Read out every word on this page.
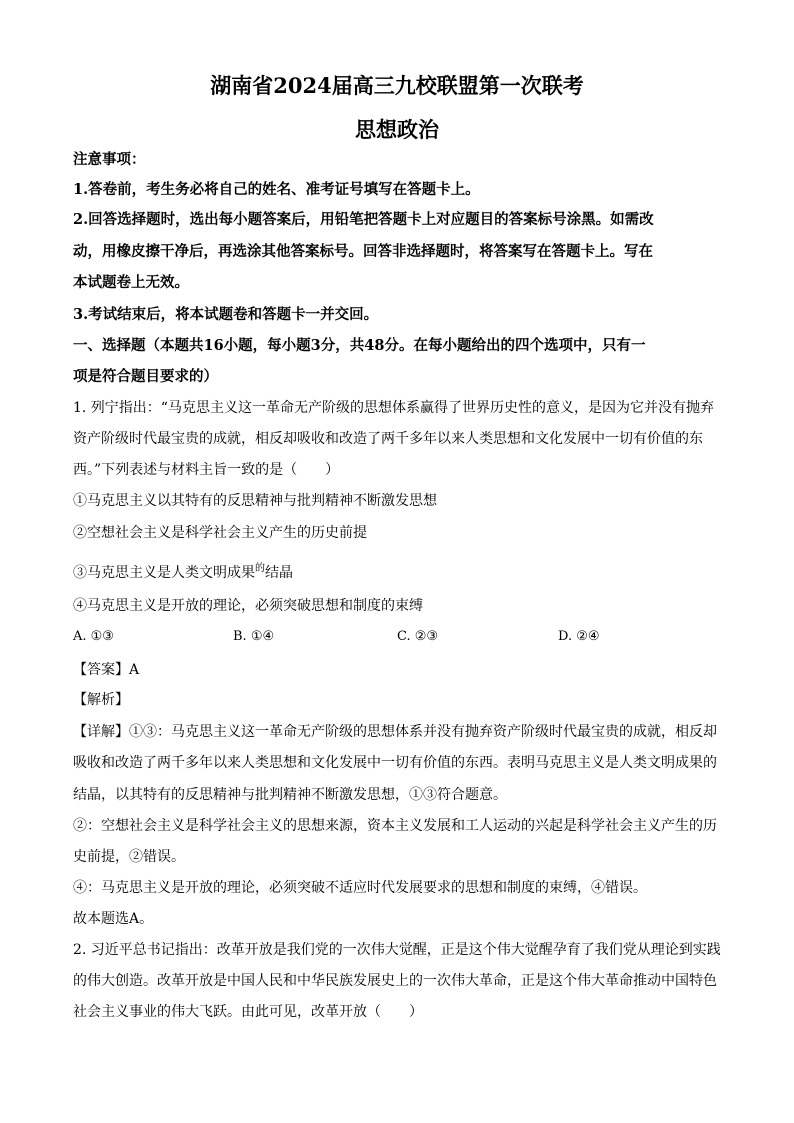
湖南省2024届高三九校联盟第一次联考
思想政治
注意事项：
1.答卷前，考生务必将自己的姓名、准考证号填写在答题卡上。
2.回答选择题时，选出每小题答案后，用铅笔把答题卡上对应题目的答案标号涂黑。如需改
动，用橡皮擦干净后，再选涂其他答案标号。回答非选择题时，将答案写在答题卡上。写在
本试题卷上无效。
3.考试结束后，将本试题卷和答题卡一并交回。
一、选择题（本题共16小题，每小题3分，共48分。在每小题给出的四个选项中，只有一
项是符合题目要求的）
1. 列宁指出：“马克思主义这一革命无产阶级的思想体系赢得了世界历史性的意义，是因为它并没有抛弃
资产阶级时代最宝贵的成就，相反却吸收和改造了两千多年以来人类思想和文化发展中一切有价值的东
西。”下列表述与材料主旨一致的是（　　）
①马克思主义以其特有的反思精神与批判精神不断激发思想
②空想社会主义是科学社会主义产生的历史前提
③马克思主义是人类文明成果$^的$结晶
④马克思主义是开放的理论，必须突破思想和制度的束缚
A. ①③	B. ①④	C. ②③	D. ②④
【答案】A
【解析】
【详解】①③：马克思主义这一革命无产阶级的思想体系并没有抛弃资产阶级时代最宝贵的成就，相反却
吸收和改造了两千多年以来人类思想和文化发展中一切有价值的东西。表明马克思主义是人类文明成果的
结晶，以其特有的反思精神与批判精神不断激发思想，①③符合题意。
②：空想社会主义是科学社会主义的思想来源，资本主义发展和工人运动的兴起是科学社会主义产生的历
史前提，②错误。
④：马克思主义是开放的理论，必须突破不适应时代发展要求的思想和制度的束缚，④错误。
故本题选A。
2. 习近平总书记指出：改革开放是我们党的一次伟大觉醒，正是这个伟大觉醒孕育了我们党从理论到实践
的伟大创造。改革开放是中国人民和中华民族发展史上的一次伟大革命，正是这个伟大革命推动中国特色
社会主义事业的伟大飞跃。由此可见，改革开放（　　）
